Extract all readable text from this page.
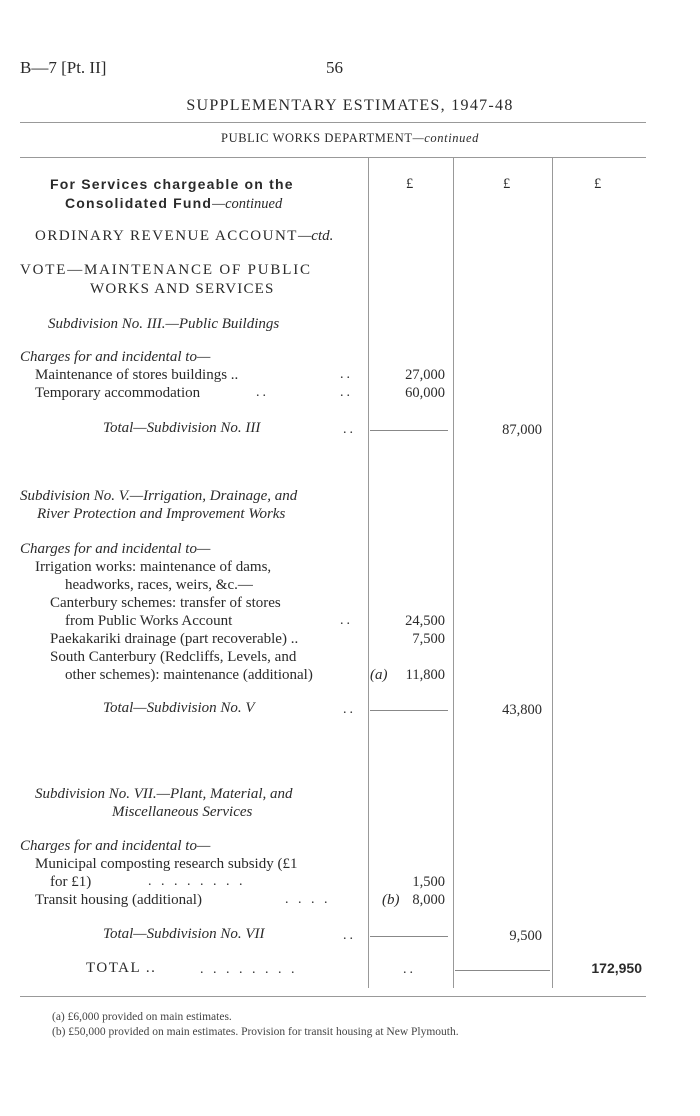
B—7 [Pt. II]	56
SUPPLEMENTARY ESTIMATES, 1947-48
PUBLIC WORKS DEPARTMENT—continued
£	£	£
For Services chargeable on the
Consolidated Fund—continued
ORDINARY REVENUE ACCOUNT—ctd.
VOTE—MAINTENANCE OF PUBLIC
WORKS AND SERVICES
Subdivision No. III.—Public Buildings
Charges for and incidental to—
Maintenance of stores buildings ..	..	27,000
Temporary accommodation	..	..	60,000
Total—Subdivision No. III	..	87,000
Subdivision No. V.—Irrigation, Drainage, and
River Protection and Improvement Works
Charges for and incidental to—
Irrigation works: maintenance of dams,
headworks, races, weirs, &c.—
Canterbury schemes: transfer of stores
from Public Works Account	..	24,500
Paekakariki drainage (part recoverable) ..	7,500
South Canterbury (Redcliffs, Levels, and
other schemes): maintenance (additional)	(a)	11,800
Total—Subdivision No. V	..	43,800
Subdivision No. VII.—Plant, Material, and
Miscellaneous Services
Charges for and incidental to—
Municipal composting research subsidy (£1
for £1)	. . . . . . . .	1,500
Transit housing (additional)	. . . .	(b) 8,000
Total—Subdivision No. VII	..	9,500
TOTAL ..	. . . . . . . .	..	172,950
(a) £6,000 provided on main estimates.
(b) £50,000 provided on main estimates. Provision for transit housing at New Plymouth.
